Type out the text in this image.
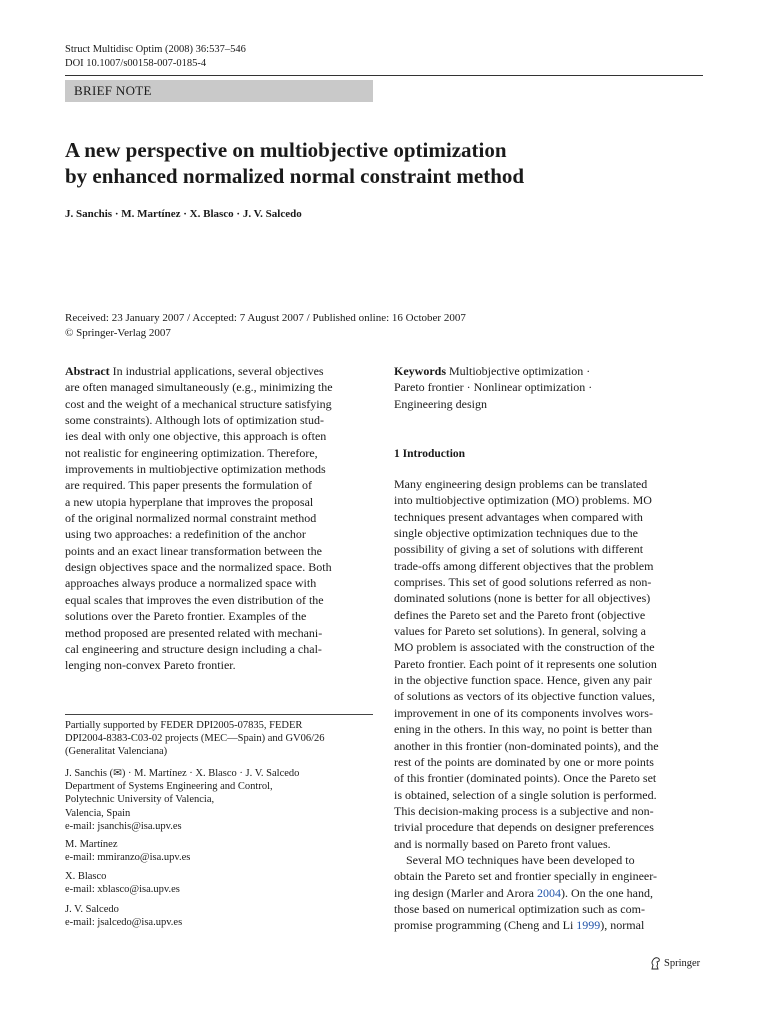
Struct Multidisc Optim (2008) 36:537–546
DOI 10.1007/s00158-007-0185-4
BRIEF NOTE
A new perspective on multiobjective optimization
by enhanced normalized normal constraint method
J. Sanchis · M. Martínez · X. Blasco · J. V. Salcedo
Received: 23 January 2007 / Accepted: 7 August 2007 / Published online: 16 October 2007
© Springer-Verlag 2007
Abstract In industrial applications, several objectives
are often managed simultaneously (e.g., minimizing the
cost and the weight of a mechanical structure satisfying
some constraints). Although lots of optimization stud-
ies deal with only one objective, this approach is often
not realistic for engineering optimization. Therefore,
improvements in multiobjective optimization methods
are required. This paper presents the formulation of
a new utopia hyperplane that improves the proposal
of the original normalized normal constraint method
using two approaches: a redefinition of the anchor
points and an exact linear transformation between the
design objectives space and the normalized space. Both
approaches always produce a normalized space with
equal scales that improves the even distribution of the
solutions over the Pareto frontier. Examples of the
method proposed are presented related with mechani-
cal engineering and structure design including a chal-
lenging non-convex Pareto frontier.
Partially supported by FEDER DPI2005-07835, FEDER
DPI2004-8383-C03-02 projects (MEC—Spain) and GV06/26
(Generalitat Valenciana)
J. Sanchis (✉) · M. Martínez · X. Blasco · J. V. Salcedo
Department of Systems Engineering and Control,
Polytechnic University of Valencia,
Valencia, Spain
e-mail: jsanchis@isa.upv.es
M. Martínez
e-mail: mmiranzo@isa.upv.es
X. Blasco
e-mail: xblasco@isa.upv.es
J. V. Salcedo
e-mail: jsalcedo@isa.upv.es
Keywords Multiobjective optimization ·
Pareto frontier · Nonlinear optimization ·
Engineering design
1 Introduction
Many engineering design problems can be translated
into multiobjective optimization (MO) problems. MO
techniques present advantages when compared with
single objective optimization techniques due to the
possibility of giving a set of solutions with different
trade-offs among different objectives that the problem
comprises. This set of good solutions referred as non-
dominated solutions (none is better for all objectives)
defines the Pareto set and the Pareto front (objective
values for Pareto set solutions). In general, solving a
MO problem is associated with the construction of the
Pareto frontier. Each point of it represents one solution
in the objective function space. Hence, given any pair
of solutions as vectors of its objective function values,
improvement in one of its components involves wors-
ening in the others. In this way, no point is better than
another in this frontier (non-dominated points), and the
rest of the points are dominated by one or more points
of this frontier (dominated points). Once the Pareto set
is obtained, selection of a single solution is performed.
This decision-making process is a subjective and non-
trivial procedure that depends on designer preferences
and is normally based on Pareto front values.
Several MO techniques have been developed to
obtain the Pareto set and frontier specially in engineer-
ing design (Marler and Arora 2004). On the one hand,
those based on numerical optimization such as com-
promise programming (Cheng and Li 1999), normal
Springer
